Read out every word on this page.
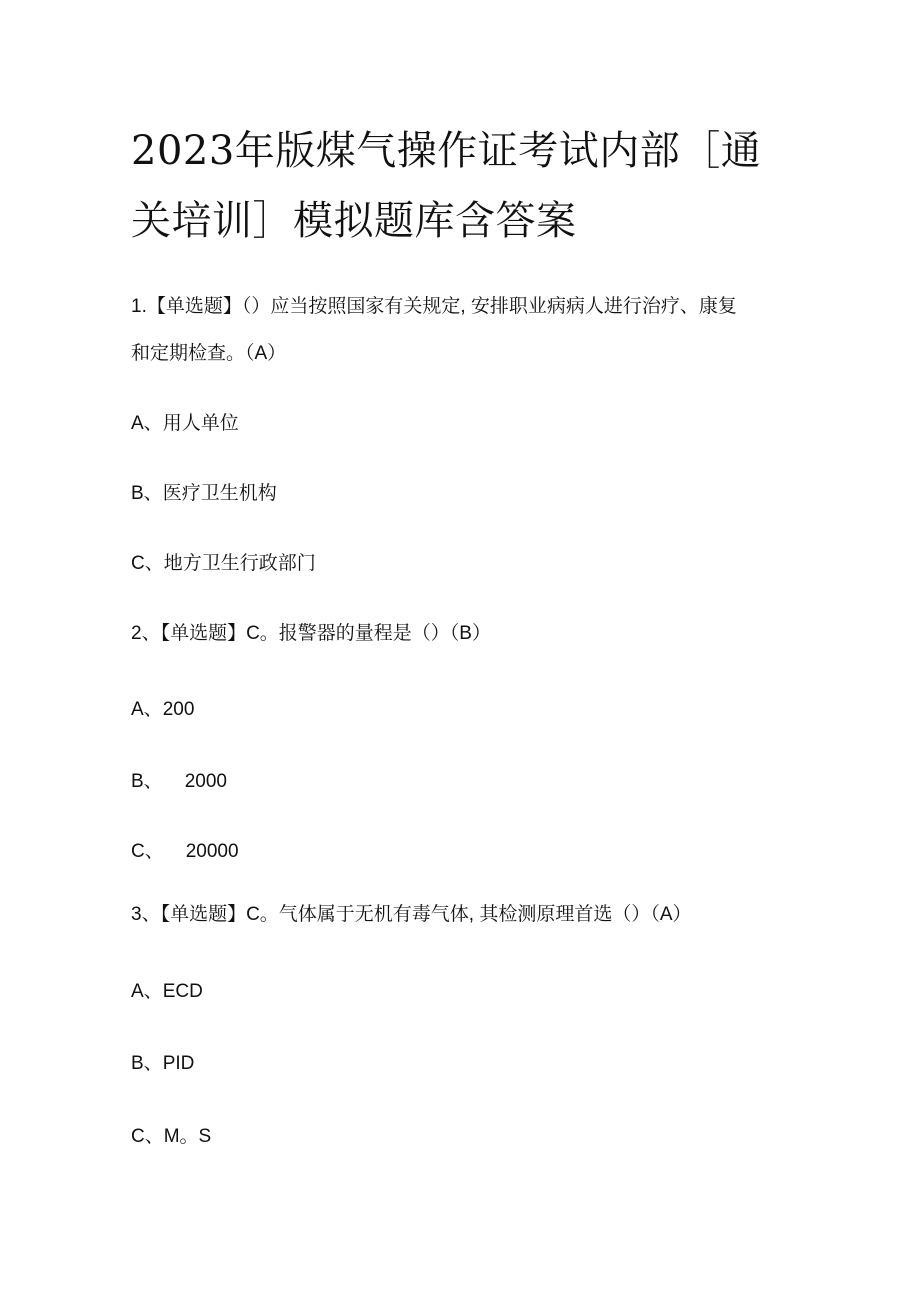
2023年版煤气操作证考试内部［通
关培训］模拟题库含答案
1.【单选题】（）应当按照国家有关规定, 安排职业病病人进行治疗、康复
和定期检查。（A）
A、用人单位
B、医疗卫生机构
C、地方卫生行政部门
2、【单选题】C。报警器的量程是（）（B）
A、200
B、 2000
C、 20000
3、【单选题】C。气体属于无机有毒气体, 其检测原理首选（）（A）
A、ECD
B、PID
C、M。S
